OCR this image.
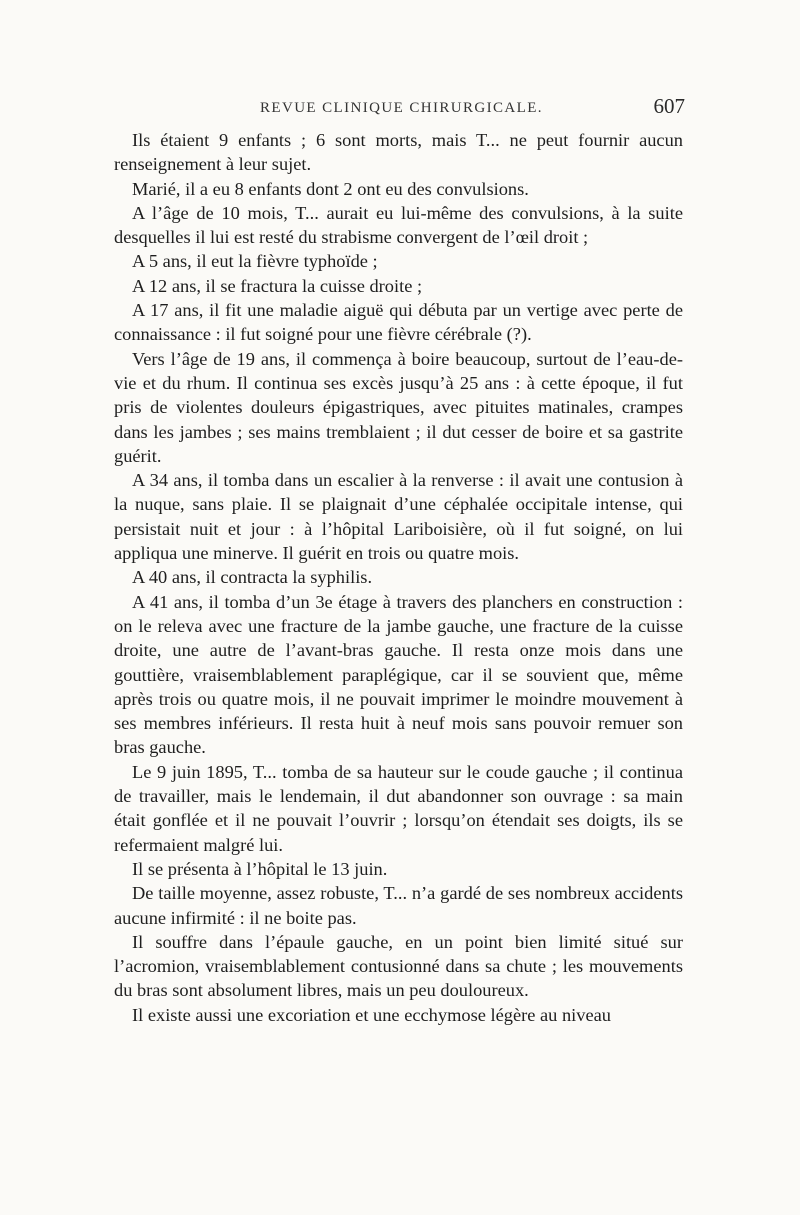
REVUE CLINIQUE CHIRURGICALE.	607

Ils étaient 9 enfants ; 6 sont morts, mais T... ne peut fournir aucun renseignement à leur sujet.

Marié, il a eu 8 enfants dont 2 ont eu des convulsions.

A l’âge de 10 mois, T... aurait eu lui-même des convulsions, à la suite desquelles il lui est resté du strabisme convergent de l’œil droit ;

A 5 ans, il eut la fièvre typhoïde ;

A 12 ans, il se fractura la cuisse droite ;

A 17 ans, il fit une maladie aiguë qui débuta par un vertige avec perte de connaissance : il fut soigné pour une fièvre cérébrale (?).

Vers l’âge de 19 ans, il commença à boire beaucoup, surtout de l’eau-de-vie et du rhum. Il continua ses excès jusqu’à 25 ans : à cette époque, il fut pris de violentes douleurs épigastriques, avec pituites matinales, crampes dans les jambes ; ses mains tremblaient ; il dut cesser de boire et sa gastrite guérit.

A 34 ans, il tomba dans un escalier à la renverse : il avait une contusion à la nuque, sans plaie. Il se plaignait d’une céphalée occipitale intense, qui persistait nuit et jour : à l’hôpital Lariboisière, où il fut soigné, on lui appliqua une minerve. Il guérit en trois ou quatre mois.

A 40 ans, il contracta la syphilis.

A 41 ans, il tomba d’un 3e étage à travers des planchers en construction : on le releva avec une fracture de la jambe gauche, une fracture de la cuisse droite, une autre de l’avant-bras gauche. Il resta onze mois dans une gouttière, vraisemblablement paraplégique, car il se souvient que, même après trois ou quatre mois, il ne pouvait imprimer le moindre mouvement à ses membres inférieurs. Il resta huit à neuf mois sans pouvoir remuer son bras gauche.

Le 9 juin 1895, T... tomba de sa hauteur sur le coude gauche ; il continua de travailler, mais le lendemain, il dut abandonner son ouvrage : sa main était gonflée et il ne pouvait l’ouvrir ; lorsqu’on étendait ses doigts, ils se refermaient malgré lui.

Il se présenta à l’hôpital le 13 juin.

De taille moyenne, assez robuste, T... n’a gardé de ses nombreux accidents aucune infirmité : il ne boite pas.

Il souffre dans l’épaule gauche, en un point bien limité situé sur l’acromion, vraisemblablement contusionné dans sa chute ; les mouvements du bras sont absolument libres, mais un peu douloureux.

Il existe aussi une excoriation et une ecchymose légère au niveau
